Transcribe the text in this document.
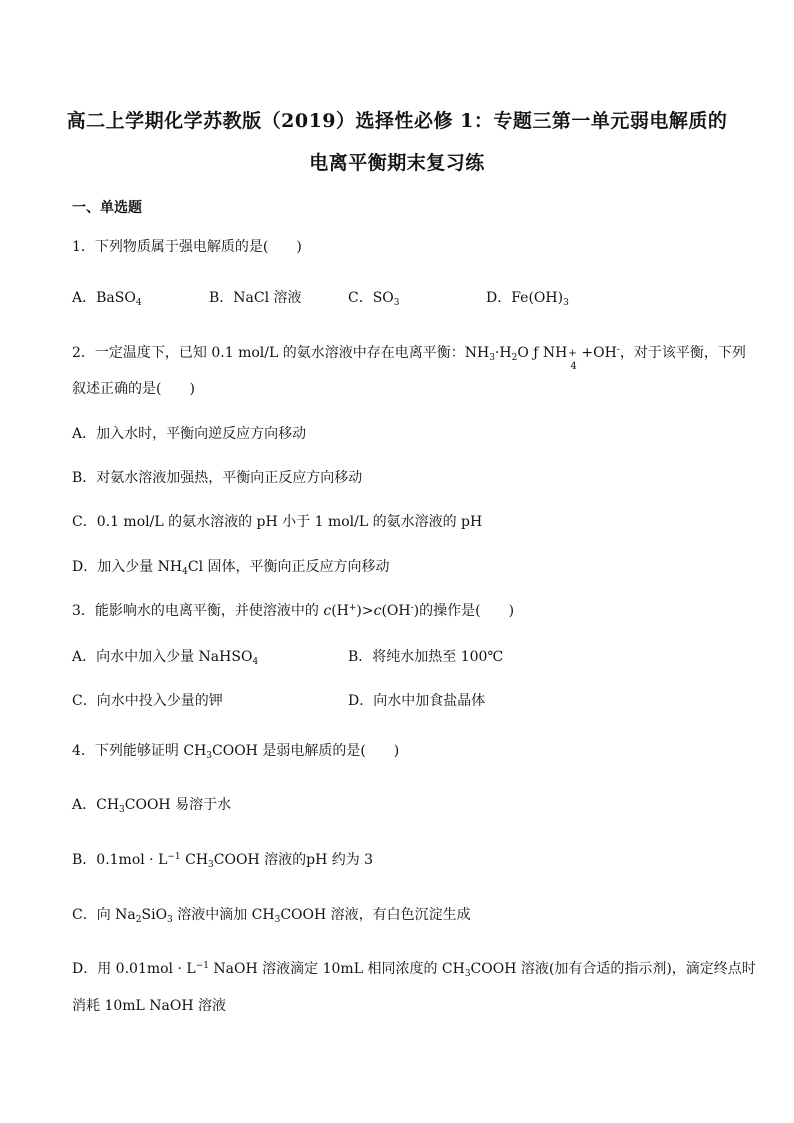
高二上学期化学苏教版（2019）选择性必修 1：专题三第一单元弱电解质的
电离平衡期末复习练
一、单选题
1．下列物质属于强电解质的是(　　)
A．BaSO$_4$	B．NaCl 溶液	C．$SO_3$	D．$Fe(OH)_3$
2．一定温度下，已知 0.1 mol/L 的氨水溶液中存在电离平衡：$NH_3\cdot H_2O$ ƒ NH +
4
+OH-，对于该平衡，下列
叙述正确的是(　　)
A．加入水时，平衡向逆反应方向移动
B．对氨水溶液加强热，平衡向正反应方向移动
C．0.1 mol/L 的氨水溶液的 pH 小于 1 mol/L 的氨水溶液的 pH
D．加入少量 $NH_4Cl$ 固体，平衡向正反应方向移动
3．能影响水的电离平衡，并使溶液中的 c(H+)>c(OH-)的操作是(　　)
A．向水中加入少量 NaHSO$_4$	B．将纯水加热至 100℃
C．向水中投入少量的钾	D．向水中加食盐晶体
4．下列能够证明 $CH_3COOH$ 是弱电解质的是(　　)
A．$CH_3COOH$ 易溶于水
B．$0.1mol \cdot L^{-1}$ $CH_3COOH$ 溶液的pH 约为 3
C．向 $Na_2SiO_3$ 溶液中滴加 $CH_3COOH$ 溶液，有白色沉淀生成
D．用 $0.01mol \cdot L^{-1}$ NaOH 溶液滴定 10mL 相同浓度的 $CH_3COOH$ 溶液(加有合适的指示剂)，滴定终点时
消耗 10mL NaOH 溶液
